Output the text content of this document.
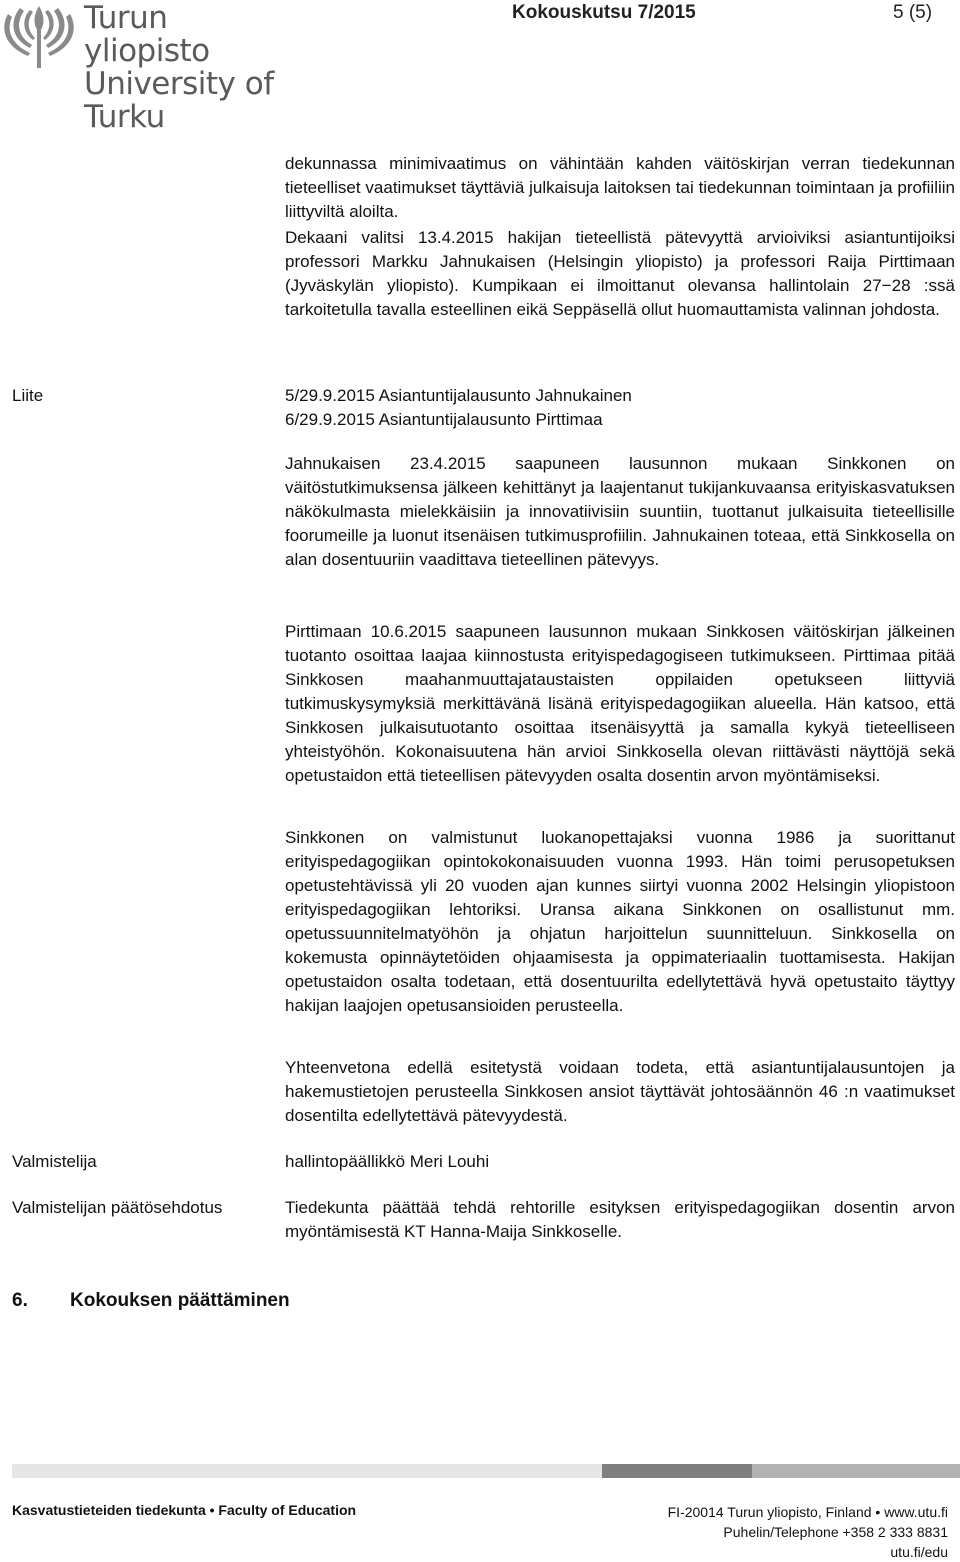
Turun yliopisto
University of Turku
Kokouskutsu 7/2015	5 (5)

dekunnassa minimivaatimus on vähintään kahden väitöskirjan verran tiedekunnan tieteelliset vaatimukset täyttäviä julkaisuja laitoksen tai tiedekunnan toimintaan ja profiiliin liittyviltä aloilta.

Dekaani valitsi 13.4.2015 hakijan tieteellistä pätevyyttä arvioiviksi asiantuntijoiksi professori Markku Jahnukaisen (Helsingin yliopisto) ja professori Raija Pirttimaan (Jyväskylän yliopisto). Kumpikaan ei ilmoittanut olevansa hallintolain 27−28 :ssä tarkoitetulla tavalla esteellinen eikä Seppäsellä ollut huomauttamista valinnan johdosta.

Liite	5/29.9.2015 Asiantuntijalausunto Jahnukainen

6/29.9.2015 Asiantuntijalausunto Pirttimaa

Jahnukaisen 23.4.2015 saapuneen lausunnon mukaan Sinkkonen on väitöstutkimuksensa jälkeen kehittänyt ja laajentanut tukijankuvaansa erityiskasvatuksen näkökulmasta mielekkäisiin ja innovatiivisiin suuntiin, tuottanut julkaisuita tieteellisille foorumeille ja luonut itsenäisen tutkimusprofiilin. Jahnukainen toteaa, että Sinkkosella on alan dosentuuriin vaadittava tieteellinen pätevyys.

Pirttimaan 10.6.2015 saapuneen lausunnon mukaan Sinkkosen väitöskirjan jälkeinen tuotanto osoittaa laajaa kiinnostusta erityispedagogiseen tutkimukseen. Pirttimaa pitää Sinkkosen maahanmuuttajataustaisten oppilaiden opetukseen liittyviä tutkimuskysymyksiä merkittävänä lisänä erityispedagogiikan alueella. Hän katsoo, että Sinkkosen julkaisutuotanto osoittaa itsenäisyyttä ja samalla kykyä tieteelliseen yhteistyöhön. Kokonaisuutena hän arvioi Sinkkosella olevan riittävästi näyttöjä sekä opetustaidon että tieteellisen pätevyyden osalta dosentin arvon myöntämiseksi.

Sinkkonen on valmistunut luokanopettajaksi vuonna 1986 ja suorittanut erityispedagogiikan opintokokonaisuuden vuonna 1993. Hän toimi perusopetuksen opetustehtävissä yli 20 vuoden ajan kunnes siirtyi vuonna 2002 Helsingin yliopistoon erityispedagogiikan lehtoriksi. Uransa aikana Sinkkonen on osallistunut mm. opetussuunnitelmatyöhön ja ohjatun harjoittelun suunnitteluun. Sinkkosella on kokemusta opinnäytetöiden ohjaamisesta ja oppimateriaalin tuottamisesta. Hakijan opetustaidon osalta todetaan, että dosentuurilta edellytettävä hyvä opetustaito täyttyy hakijan laajojen opetusansioiden perusteella.

Yhteenvetona edellä esitetystä voidaan todeta, että asiantuntijalausuntojen ja hakemustietojen perusteella Sinkkosen ansiot täyttävät johtosäännön 46 :n vaatimukset dosentilta edellytettävä pätevyydestä.

Valmistelija	hallintopäällikkö Meri Louhi

Valmistelijan päätösehdotus	Tiedekunta päättää tehdä rehtorille esityksen erityispedagogiikan dosentin arvon myöntämisestä KT Hanna-Maija Sinkkoselle.

6. Kokouksen päättäminen
Kasvatustieteiden tiedekunta • Faculty of Education	FI-20014 Turun yliopisto, Finland • www.utu.fi
Puhelin/Telephone +358 2 333 8831
utu.fi/edu
